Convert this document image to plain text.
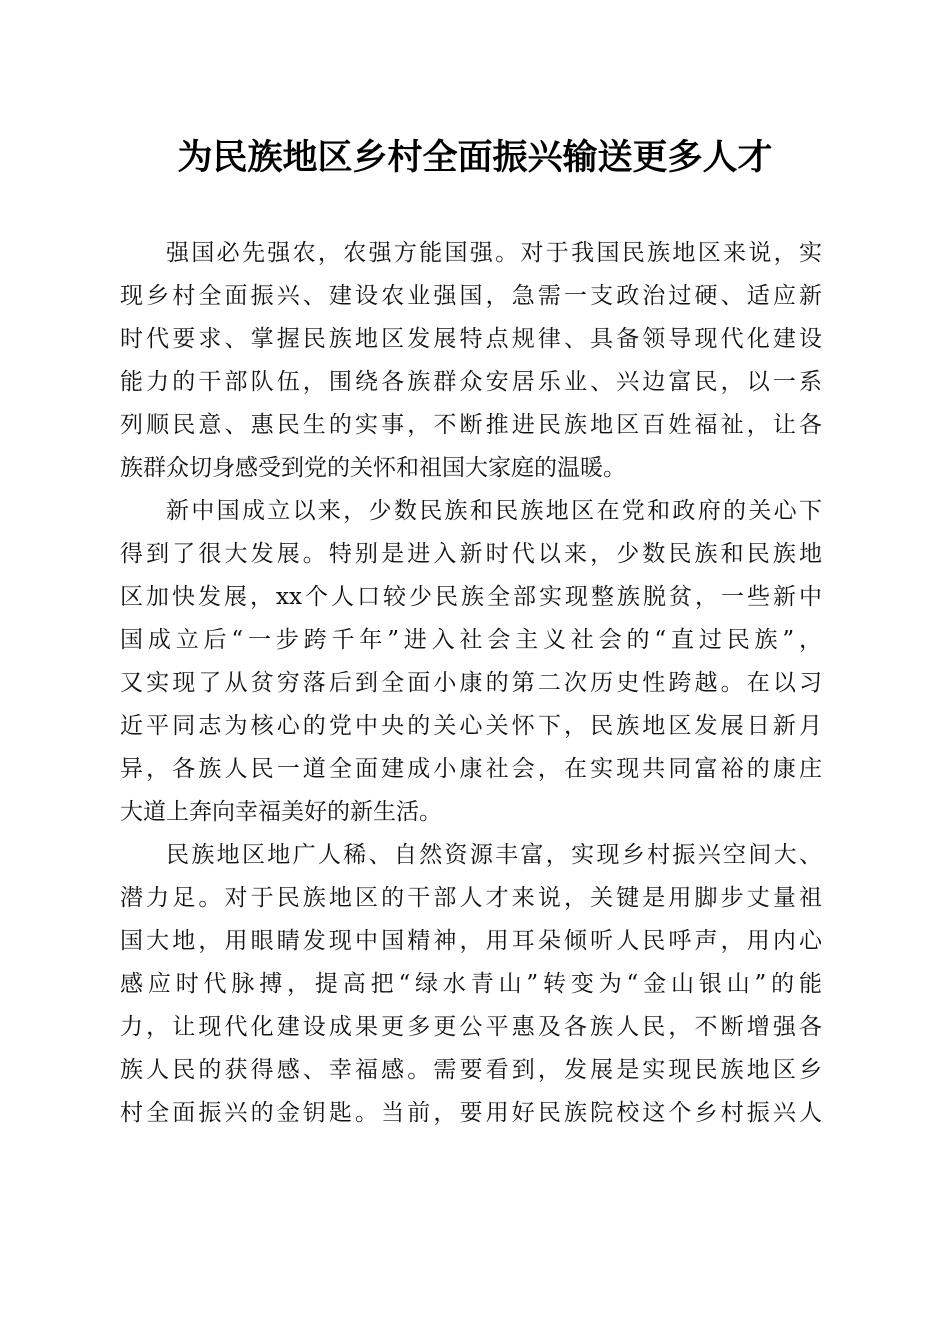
为民族地区乡村全面振兴输送更多人才
强国必先强农，农强方能国强。对于我国民族地区来说，实
现乡村全面振兴、建设农业强国，急需一支政治过硬、适应新
时代要求、掌握民族地区发展特点规律、具备领导现代化建设
能力的干部队伍，围绕各族群众安居乐业、兴边富民，以一系
列顺民意、惠民生的实事，不断推进民族地区百姓福祉，让各
族群众切身感受到党的关怀和祖国大家庭的温暖。
新中国成立以来，少数民族和民族地区在党和政府的关心下
得到了很大发展。特别是进入新时代以来，少数民族和民族地
区加快发展，xx个人口较少民族全部实现整族脱贫，一些新中
国成立后“一步跨千年”进入社会主义社会的“直过民族”，
又实现了从贫穷落后到全面小康的第二次历史性跨越。在以习
近平同志为核心的党中央的关心关怀下，民族地区发展日新月
异，各族人民一道全面建成小康社会，在实现共同富裕的康庄
大道上奔向幸福美好的新生活。
民族地区地广人稀、自然资源丰富，实现乡村振兴空间大、
潜力足。对于民族地区的干部人才来说，关键是用脚步丈量祖
国大地，用眼睛发现中国精神，用耳朵倾听人民呼声，用内心
感应时代脉搏，提高把“绿水青山”转变为“金山银山”的能
力，让现代化建设成果更多更公平惠及各族人民，不断增强各
族人民的获得感、幸福感。需要看到，发展是实现民族地区乡
村全面振兴的金钥匙。当前，要用好民族院校这个乡村振兴人
